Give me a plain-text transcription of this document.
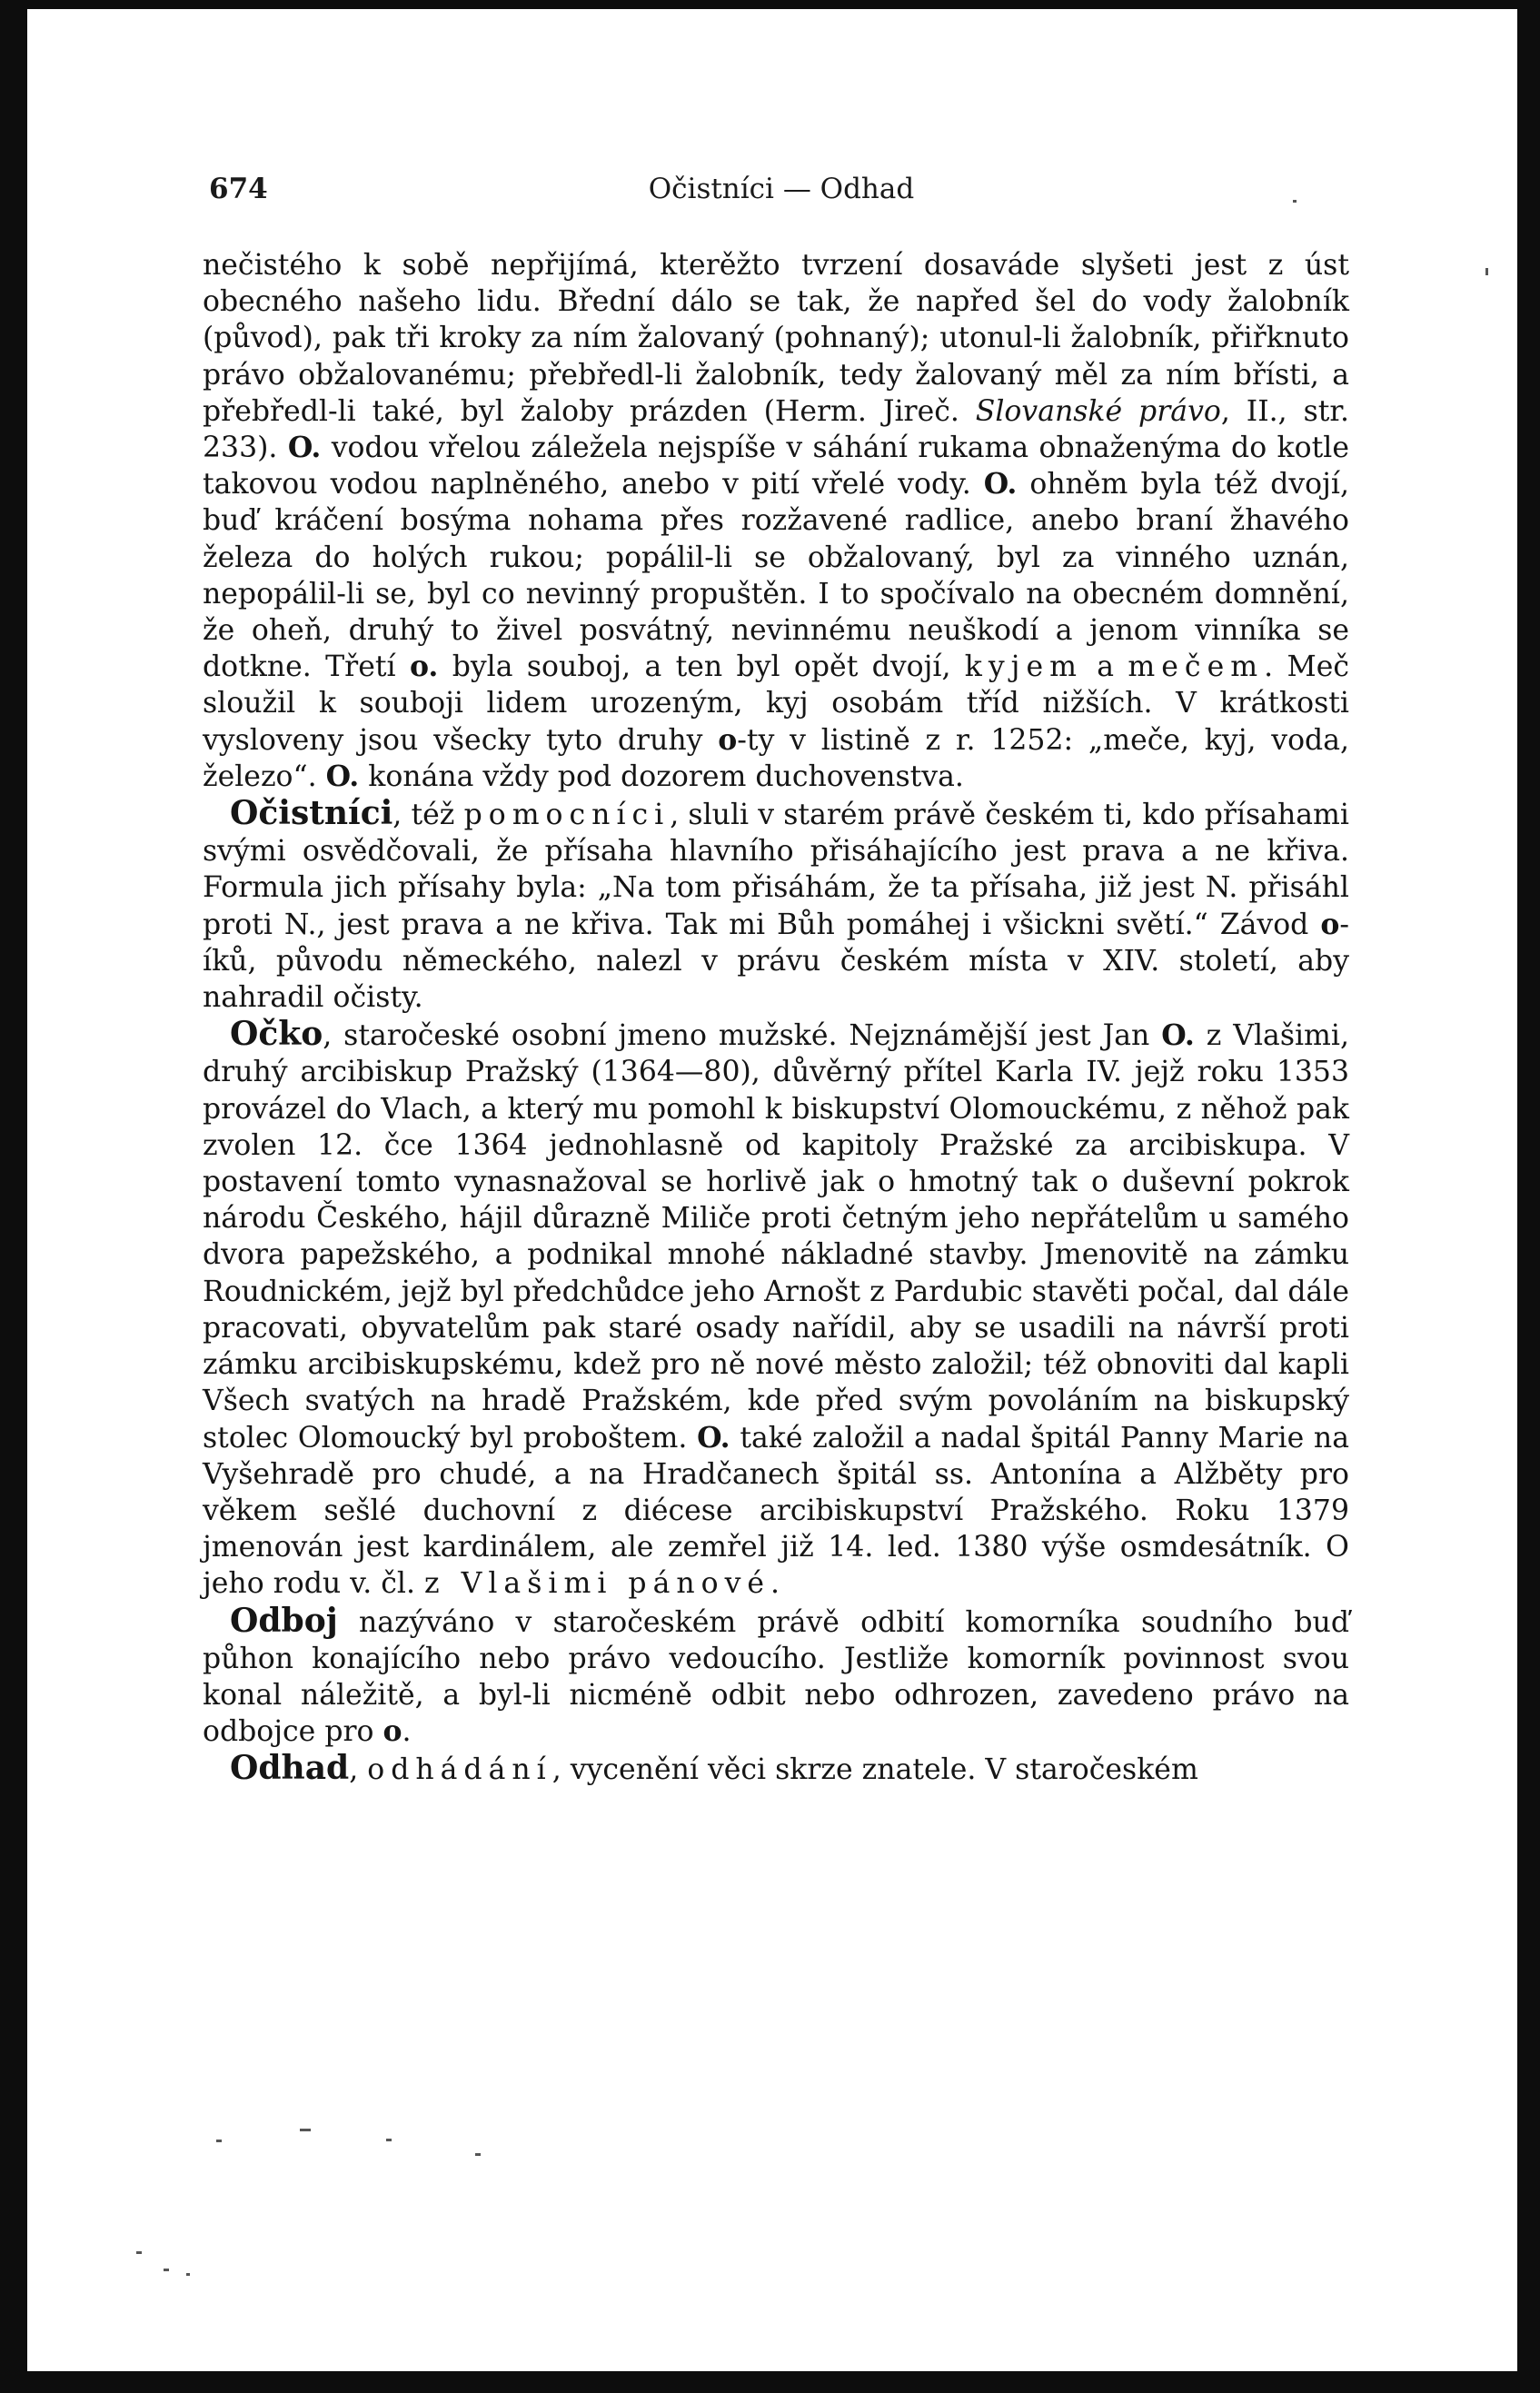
674	Očistníci — Odhad

nečistého k sobě nepřijímá, kterěžto tvrzení dosaváde slyšeti jest z úst obecného našeho lidu. Břední dálo se tak, že napřed šel do vody žalobník (původ), pak tři kroky za ním žalovaný (pohnaný); utonul-li žalobník, přiřknuto právo obžalovanému; přebředl-li žalobník, tedy žalovaný měl za ním břísti, a přebředl-li také, byl žaloby prázden (Herm. Jireč. Slovanské právo, II., str. 233). O. vodou vřelou záležela nejspíše v sáhání rukama obnaženýma do kotle takovou vodou naplněného, anebo v pití vřelé vody. O. ohněm byla též dvojí, buď kráčení bosýma nohama přes rozžavené radlice, anebo braní žhavého železa do holých rukou; popálil-li se obžalovaný, byl za vinného uznán, nepopálil-li se, byl co nevinný propuštěn. I to spočívalo na obecném domnění, že oheň, druhý to živel posvátný, nevinnému neuškodí a jenom vinníka se dotkne. Třetí o. byla souboj, a ten byl opět dvojí, kyjem a mečem. Meč sloužil k souboji lidem urozeným, kyj osobám tříd nižších. V krátkosti vysloveny jsou všecky tyto druhy o-ty v listině z r. 1252: „meče, kyj, voda, železo“. O. konána vždy pod dozorem duchovenstva.

Očistníci, též pomocníci, sluli v starém právě českém ti, kdo přísahami svými osvědčovali, že přísaha hlavního přisáhajícího jest prava a ne křiva. Formula jich přísahy byla: „Na tom přisáhám, že ta přísaha, již jest N. přisáhl proti N., jest prava a ne křiva. Tak mi Bůh pomáhej i všickni světí.“ Závod o-íků, původu německého, nalezl v právu českém místa v XIV. století, aby nahradil očisty.

Očko, staročeské osobní jmeno mužské. Nejznámější jest Jan O. z Vlašimi, druhý arcibiskup Pražský (1364—80), důvěrný přítel Karla IV. jejž roku 1353 provázel do Vlach, a který mu pomohl k biskupství Olomouckému, z něhož pak zvolen 12. čce 1364 jednohlasně od kapitoly Pražské za arcibiskupa. V postavení tomto vynasnažoval se horlivě jak o hmotný tak o duševní pokrok národu Českého, hájil důrazně Miliče proti četným jeho nepřátelům u samého dvora papežského, a podnikal mnohé nákladné stavby. Jmenovitě na zámku Roudnickém, jejž byl předchůdce jeho Arnošt z Pardubic stavěti počal, dal dále pracovati, obyvatelům pak staré osady nařídil, aby se usadili na návrší proti zámku arcibiskupskému, kdež pro ně nové město založil; též obnoviti dal kapli Všech svatých na hradě Pražském, kde před svým povoláním na biskupský stolec Olomoucký byl proboštem. O. také založil a nadal špitál Panny Marie na Vyšehradě pro chudé, a na Hradčanech špitál ss. Antonína a Alžběty pro věkem sešlé duchovní z diécese arcibiskupství Pražského. Roku 1379 jmenován jest kardinálem, ale zemřel již 14. led. 1380 výše osmdesátník. O jeho rodu v. čl. z Vlašimi pánové.

Odboj nazýváno v staročeském právě odbití komorníka soudního buď půhon konajícího nebo právo vedoucího. Jestliže komorník povinnost svou konal náležitě, a byl-li nicméně odbit nebo odhrozen, zavedeno právo na odbojce pro o.

Odhad, odhádání, vycenění věci skrze znatele. V staročeském
